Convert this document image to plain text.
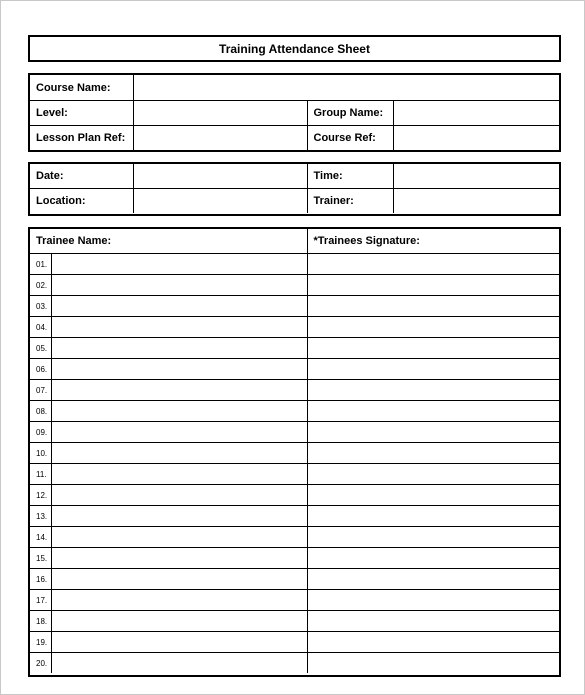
Training Attendance Sheet
Course Name:			
Level:		Group Name:	
Lesson Plan Ref:		Course Ref:	
Date:		Time:	
Location:		Trainer:	
Trainee Name:		*Trainees Signature:
01.		
02.		
03.		
04.		
05.		
06.		
07.		
08.		
09.		
10.		
11.		
12.		
13.		
14.		
15.		
16.		
17.		
18.		
19.		
20.		
